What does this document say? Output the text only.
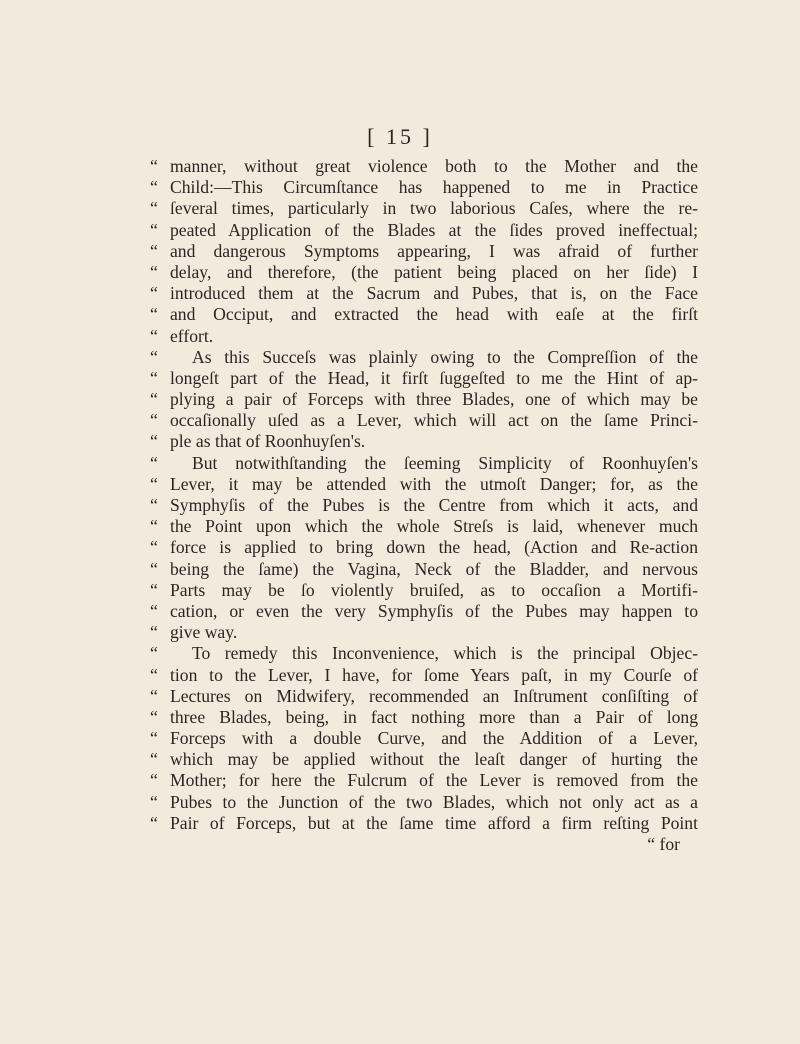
[ 15 ]
“ manner, without great violence both to the Mother and the
“ Child:—This Circumſtance has happened to me in Practice
“ ſeveral times, particularly in two laborious Caſes, where the re-
“ peated Application of the Blades at the ſides proved ineffectual;
“ and dangerous Symptoms appearing, I was afraid of further
“ delay, and therefore, (the patient being placed on her ſide) I
“ introduced them at the Sacrum and Pubes, that is, on the Face
“ and Occiput, and extracted the head with eaſe at the firſt
“ effort.
“ As this Succeſs was plainly owing to the Compreſſion of the
“ longeſt part of the Head, it firſt ſuggeſted to me the Hint of ap-
“ plying a pair of Forceps with three Blades, one of which may be
“ occaſionally uſed as a Lever, which will act on the ſame Princi-
“ ple as that of Roonhuyſen's.
“ But notwithſtanding the ſeeming Simplicity of Roonhuyſen's
“ Lever, it may be attended with the utmoſt Danger; for, as the
“ Symphyſis of the Pubes is the Centre from which it acts, and
“ the Point upon which the whole Streſs is laid, whenever much
“ force is applied to bring down the head, (Action and Re-action
“ being the ſame) the Vagina, Neck of the Bladder, and nervous
“ Parts may be ſo violently bruiſed, as to occaſion a Mortifi-
“ cation, or even the very Symphyſis of the Pubes may happen to
“ give way.
“ To remedy this Inconvenience, which is the principal Objec-
“ tion to the Lever, I have, for ſome Years paſt, in my Courſe of
“ Lectures on Midwifery, recommended an Inſtrument conſiſting of
“ three Blades, being, in fact nothing more than a Pair of long
“ Forceps with a double Curve, and the Addition of a Lever,
“ which may be applied without the leaſt danger of hurting the
“ Mother; for here the Fulcrum of the Lever is removed from the
“ Pubes to the Junction of the two Blades, which not only act as a
“ Pair of Forceps, but at the ſame time afford a firm reſting Point
“ for
